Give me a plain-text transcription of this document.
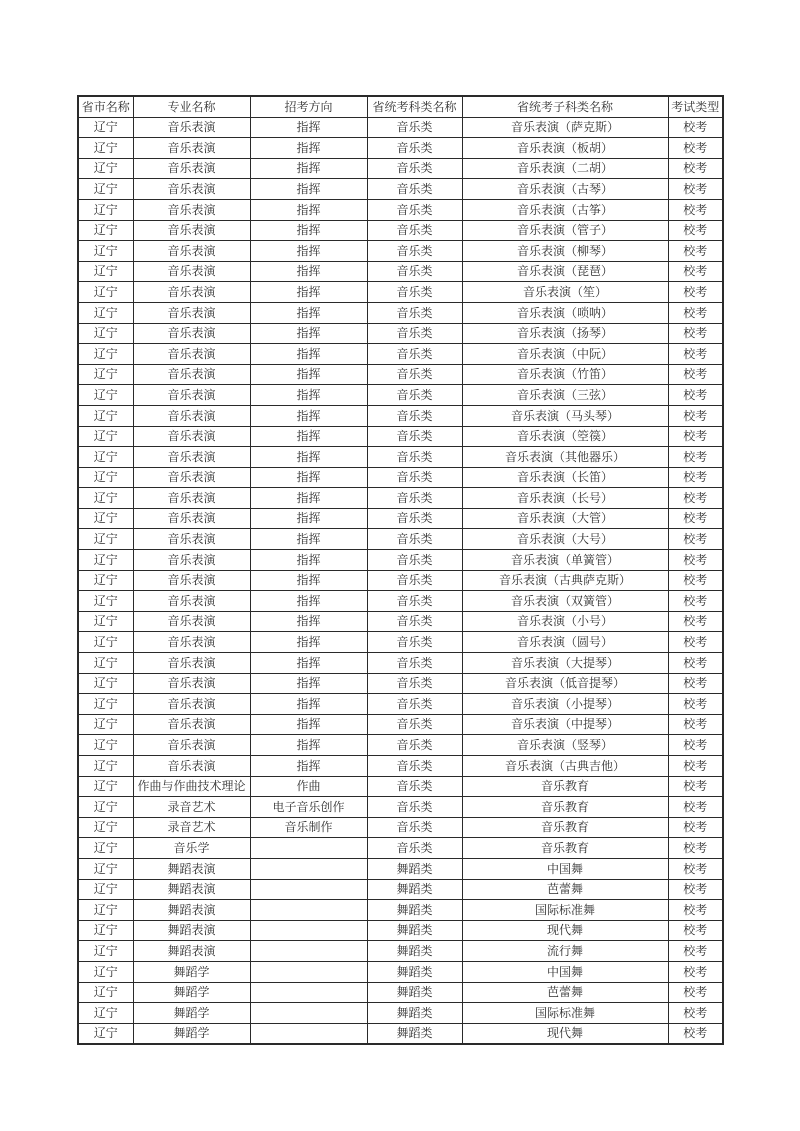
省市名称	专业名称	招考方向	省统考科类名称	省统考子科类名称	考试类型
辽宁	音乐表演	指挥	音乐类	音乐表演（萨克斯）	校考
辽宁	音乐表演	指挥	音乐类	音乐表演（板胡）	校考
辽宁	音乐表演	指挥	音乐类	音乐表演（二胡）	校考
辽宁	音乐表演	指挥	音乐类	音乐表演（古琴）	校考
辽宁	音乐表演	指挥	音乐类	音乐表演（古筝）	校考
辽宁	音乐表演	指挥	音乐类	音乐表演（管子）	校考
辽宁	音乐表演	指挥	音乐类	音乐表演（柳琴）	校考
辽宁	音乐表演	指挥	音乐类	音乐表演（琵琶）	校考
辽宁	音乐表演	指挥	音乐类	音乐表演（笙）	校考
辽宁	音乐表演	指挥	音乐类	音乐表演（唢呐）	校考
辽宁	音乐表演	指挥	音乐类	音乐表演（扬琴）	校考
辽宁	音乐表演	指挥	音乐类	音乐表演（中阮）	校考
辽宁	音乐表演	指挥	音乐类	音乐表演（竹笛）	校考
辽宁	音乐表演	指挥	音乐类	音乐表演（三弦）	校考
辽宁	音乐表演	指挥	音乐类	音乐表演（马头琴）	校考
辽宁	音乐表演	指挥	音乐类	音乐表演（箜篌）	校考
辽宁	音乐表演	指挥	音乐类	音乐表演（其他器乐）	校考
辽宁	音乐表演	指挥	音乐类	音乐表演（长笛）	校考
辽宁	音乐表演	指挥	音乐类	音乐表演（长号）	校考
辽宁	音乐表演	指挥	音乐类	音乐表演（大管）	校考
辽宁	音乐表演	指挥	音乐类	音乐表演（大号）	校考
辽宁	音乐表演	指挥	音乐类	音乐表演（单簧管）	校考
辽宁	音乐表演	指挥	音乐类	音乐表演（古典萨克斯）	校考
辽宁	音乐表演	指挥	音乐类	音乐表演（双簧管）	校考
辽宁	音乐表演	指挥	音乐类	音乐表演（小号）	校考
辽宁	音乐表演	指挥	音乐类	音乐表演（圆号）	校考
辽宁	音乐表演	指挥	音乐类	音乐表演（大提琴）	校考
辽宁	音乐表演	指挥	音乐类	音乐表演（低音提琴）	校考
辽宁	音乐表演	指挥	音乐类	音乐表演（小提琴）	校考
辽宁	音乐表演	指挥	音乐类	音乐表演（中提琴）	校考
辽宁	音乐表演	指挥	音乐类	音乐表演（竖琴）	校考
辽宁	音乐表演	指挥	音乐类	音乐表演（古典吉他）	校考
辽宁	作曲与作曲技术理论	作曲	音乐类	音乐教育	校考
辽宁	录音艺术	电子音乐创作	音乐类	音乐教育	校考
辽宁	录音艺术	音乐制作	音乐类	音乐教育	校考
辽宁	音乐学		音乐类	音乐教育	校考
辽宁	舞蹈表演		舞蹈类	中国舞	校考
辽宁	舞蹈表演		舞蹈类	芭蕾舞	校考
辽宁	舞蹈表演		舞蹈类	国际标准舞	校考
辽宁	舞蹈表演		舞蹈类	现代舞	校考
辽宁	舞蹈表演		舞蹈类	流行舞	校考
辽宁	舞蹈学		舞蹈类	中国舞	校考
辽宁	舞蹈学		舞蹈类	芭蕾舞	校考
辽宁	舞蹈学		舞蹈类	国际标准舞	校考
辽宁	舞蹈学		舞蹈类	现代舞	校考
